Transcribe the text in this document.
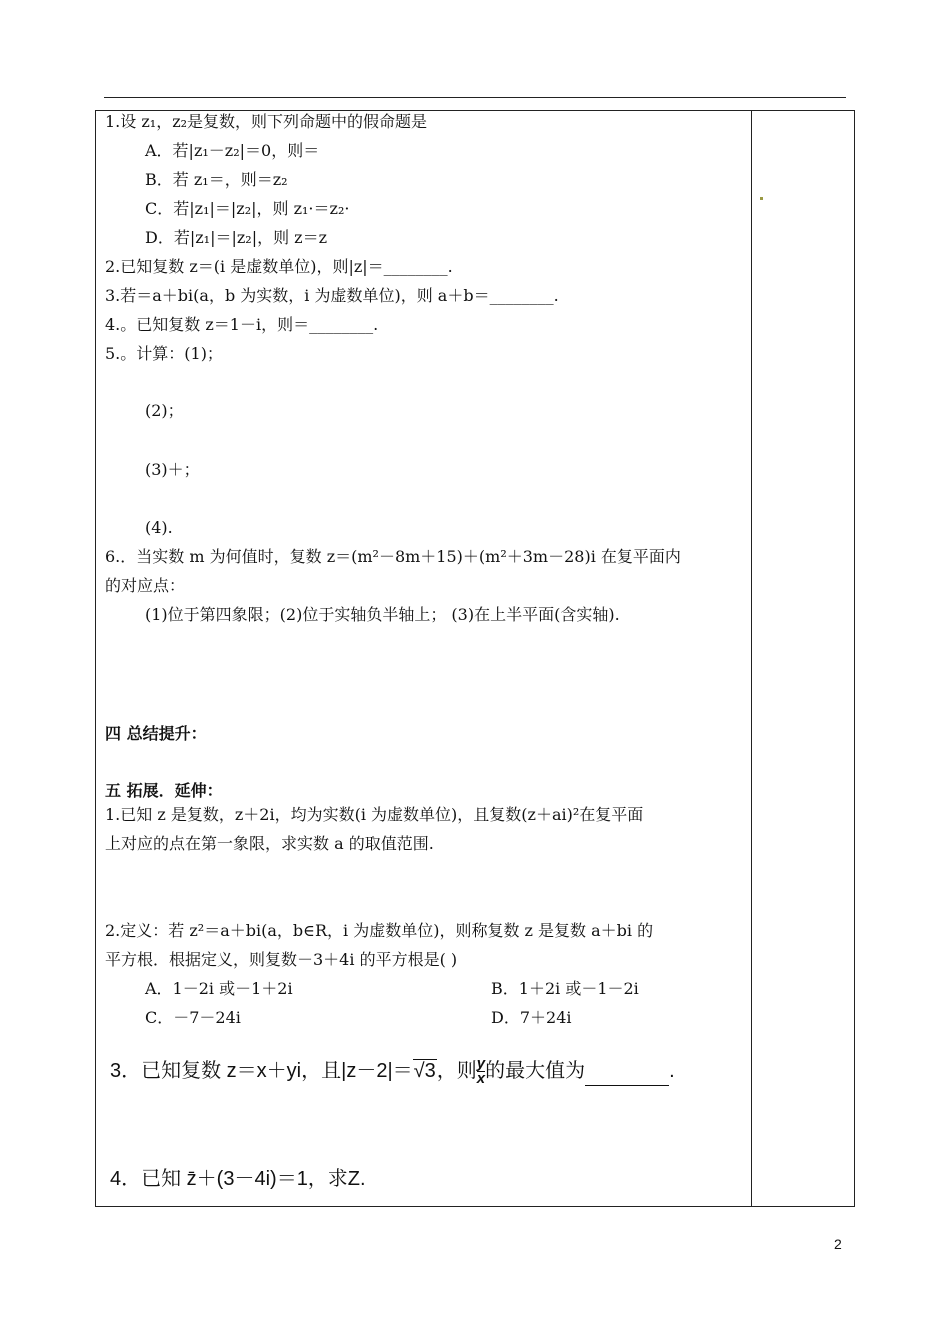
1.设 z₁，z₂是复数，则下列命题中的假命题是
A．若|z₁－z₂|＝0，则＝
B．若 z₁＝，则＝z₂
C．若|z₁|＝|z₂|，则 z₁·＝z₂·
D．若|z₁|＝|z₂|，则 z＝z
2.已知复数 z＝(i 是虚数单位)，则|z|＝________.
3.若＝a＋bi(a，b 为实数，i 为虚数单位)，则 a＋b＝________.
4.。已知复数 z＝1－i，则＝________.
5.。计算：(1)；
(2)；
(3)＋；
(4).
6.．当实数 m 为何值时，复数 z＝(m²－8m＋15)＋(m²＋3m－28)i 在复平面内
的对应点：
(1)位于第四象限；(2)位于实轴负半轴上； (3)在上半平面(含实轴).
四 总结提升：
五 拓展．延伸：
1.已知 z 是复数，z＋2i，均为实数(i 为虚数单位)，且复数(z＋ai)²在复平面
上对应的点在第一象限，求实数 a 的取值范围.
2.定义：若 z²＝a＋bi(a，b∈R，i 为虚数单位)，则称复数 z 是复数 a＋bi 的
平方根．根据定义，则复数－3＋4i 的平方根是( )
A．1－2i 或－1＋2i	B．1＋2i 或－1－2i
C．－7－24i	D．7＋24i
3．已知复数 z＝x＋yi，且|z－2|＝√3，则 $\frac{y}{x}$ 的最大值为	.
4．已知 z̄＋(3－4i)＝1，求Z.
2
